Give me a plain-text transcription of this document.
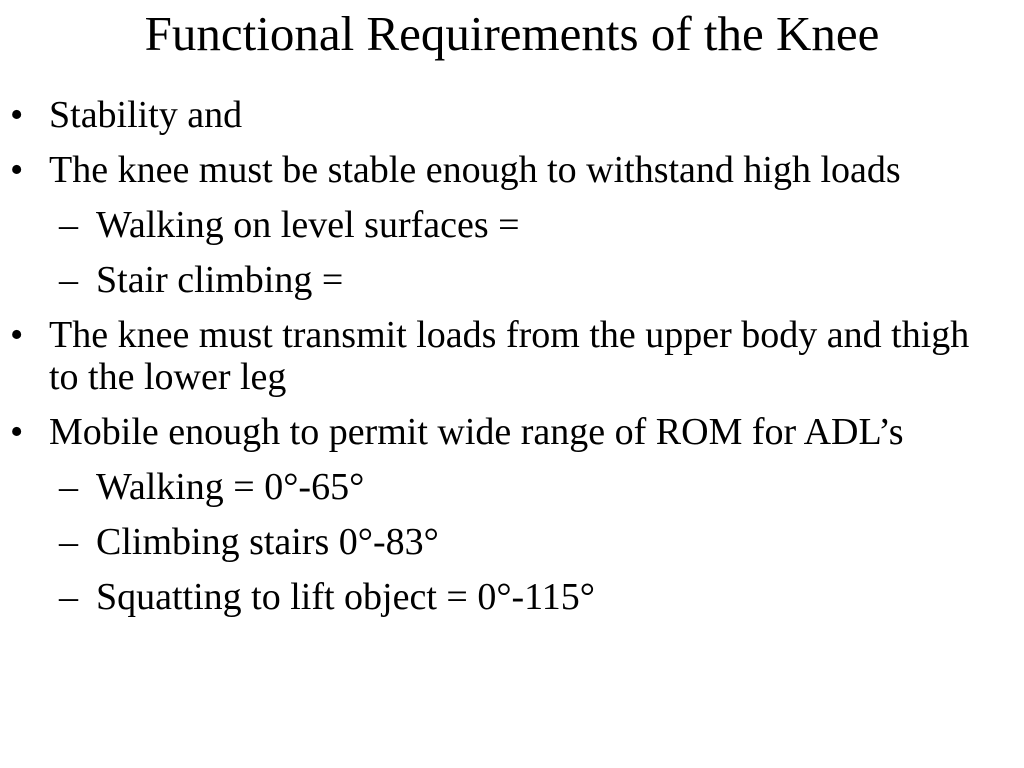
Functional Requirements of the Knee
• Stability and
• The knee must be stable enough to withstand high loads
– Walking on level surfaces =
– Stair climbing =
• The knee must transmit loads from the upper body and thigh to the lower leg
• Mobile enough to permit wide range of ROM for ADL’s
– Walking = 0°-65°
– Climbing stairs 0°-83°
– Squatting to lift object = 0°-115°
